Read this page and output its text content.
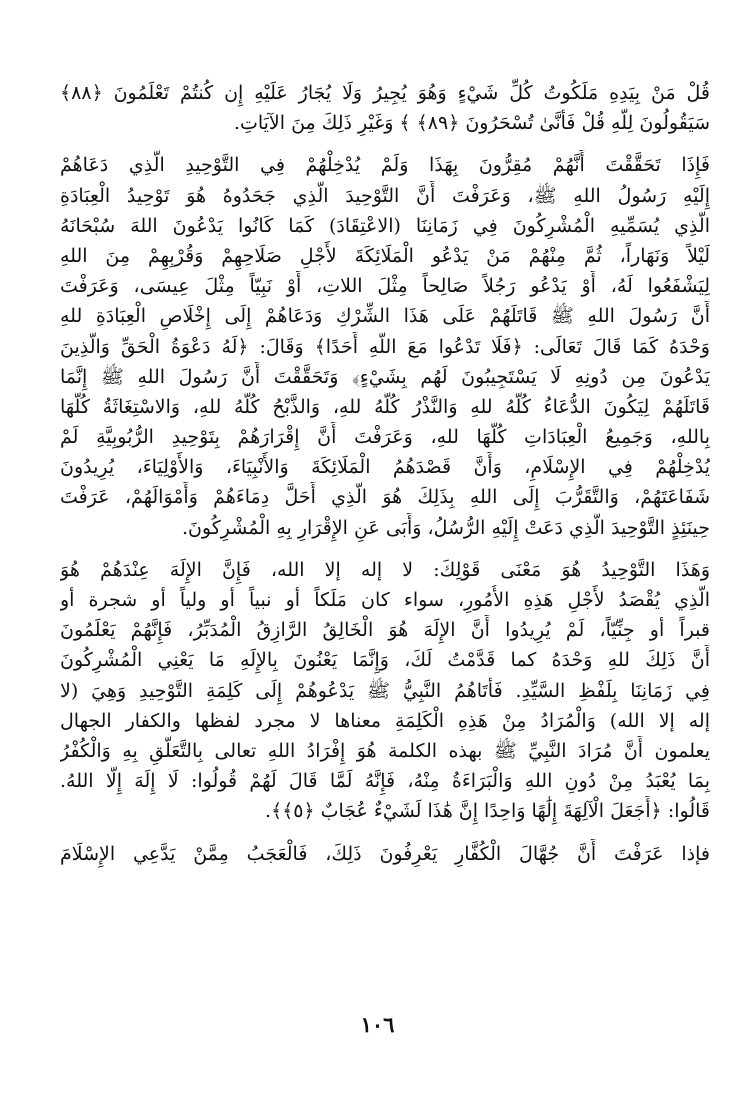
قُلْ مَنْ بِيَدِهِ مَلَكُوتُ كُلِّ شَيْءٍ وَهُوَ يُجِيرُ وَلَا يُجَارُ عَلَيْهِ إِن كُنتُمْ تَعْلَمُونَ ﴿٨٨﴾
سَيَقُولُونَ لِلَّهِ قُلْ فَأَنَّىٰ تُسْحَرُونَ ﴿٨٩﴾ ﴾ وَغَيْرِ ذَلِكَ مِنَ الآيَاتِ.
فَإِذَا تَحَقَّقْتَ أَنَّهُمْ مُقِرُّونَ بِهَذَا وَلَمْ يُدْخِلْهُمْ فِي التَّوْحِيدِ الَّذِي دَعَاهُمْ
إِلَيْهِ رَسُولُ اللهِ ﷺ، وَعَرَفْتَ أَنَّ التَّوْحِيدَ الَّذِي جَحَدُوهُ هُوَ تَوْحِيدُ الْعِبَادَةِ
الَّذِي يُسَمِّيهِ الْمُشْرِكُونَ فِي زَمَانِنَا (الاعْتِقَادَ) كَمَا كَانُوا يَدْعُونَ اللهَ سُبْحَانَهُ
لَيْلاً وَنَهَاراً، ثُمَّ مِنْهُمْ مَنْ يَدْعُو الْمَلَائِكَةَ لأَجْلِ صَلَاحِهِمْ وَقُرْبِهِمْ مِنَ اللهِ
لِيَشْفَعُوا لَهُ، أَوْ يَدْعُو رَجُلاً صَالِحاً مِثْلَ اللاتِ، أَوْ نَبِيّاً مِثْلَ عِيسَى، وَعَرَفْتَ
أَنَّ رَسُولَ اللهِ ﷺ قَاتَلَهُمْ عَلَى هَذَا الشِّرْكِ وَدَعَاهُمْ إِلَى إِخْلَاصِ الْعِبَادَةِ للهِ
وَحْدَهُ كَمَا قَالَ تَعَالَى: ﴿فَلَا تَدْعُوا مَعَ اللَّهِ أَحَدًا﴾ وَقَالَ: ﴿لَهُ دَعْوَةُ الْحَقِّ وَالَّذِينَ
يَدْعُونَ مِن دُونِهِ لَا يَسْتَجِيبُونَ لَهُم بِشَيْءٍ﴾ وَتَحَقَّقْتَ أَنَّ رَسُولَ اللهِ ﷺ إِنَّمَا
قَاتَلَهُمْ لِيَكُونَ الدُّعَاءُ كُلُّهُ للهِ وَالنَّذْرُ كُلُّهُ للهِ، وَالذَّبْحُ كُلُّهُ للهِ، وَالاسْتِغَاثَةُ كُلُّهَا
بِاللهِ، وَجَمِيعُ الْعِبَادَاتِ كُلُّهَا للهِ، وَعَرَفْتَ أَنَّ إِقْرَارَهُمْ بِتَوْحِيدِ الرُّبُوبِيَّةِ لَمْ
يُدْخِلْهُمْ فِي الإِسْلَامِ، وَأَنَّ قَصْدَهُمُ الْمَلَائِكَةَ وَالأَنْبِيَاءَ، وَالأَوْلِيَاءَ، يُرِيدُونَ
شَفَاعَتَهُمْ، وَالتَّقَرُّبَ إِلَى اللهِ بِذَلِكَ هُوَ الَّذِي أَحَلَّ دِمَاءَهُمْ وَأَمْوَالَهُمْ، عَرَفْتَ
حِينَئِذٍ التَّوْحِيدَ الَّذِي دَعَتْ إِلَيْهِ الرُّسُلُ، وَأَبَى عَنِ الإِقْرَارِ بِهِ الْمُشْرِكُونَ.
وَهَذَا التَّوْحِيدُ هُوَ مَعْنَى قَوْلِكَ: لا إله إلا الله، فَإِنَّ الإِلَهَ عِنْدَهُمْ هُوَ
الَّذِي يُقْصَدُ لأَجْلِ هَذِهِ الأُمُورِ، سواء كان مَلَكاً أو نبياً أو ولياً أو شجرة أو
قبراً أو جِنِّيّاً، لَمْ يُرِيدُوا أَنَّ الإِلَهَ هُوَ الْخَالِقُ الرَّازِقُ الْمُدَبِّرُ، فَإِنَّهُمْ يَعْلَمُونَ
أَنَّ ذَلِكَ للهِ وَحْدَهُ كما قَدَّمْتُ لَكَ، وَإِنَّمَا يَعْنُونَ بِالإِلَهِ مَا يَعْنِي الْمُشْرِكُونَ
فِي زَمَانِنَا بِلَفْظِ السَّيِّدِ. فَأَتَاهُمُ النَّبِيُّ ﷺ يَدْعُوهُمْ إِلَى كَلِمَةِ التَّوْحِيدِ وَهِيَ (لا
إله إلا الله) وَالْمُرَادُ مِنْ هَذِهِ الْكَلِمَةِ معناها لا مجرد لفظها والكفار الجهال
يعلمون أَنَّ مُرَادَ النَّبِيِّ ﷺ بهذه الكلمة هُوَ إِفْرَادُ اللهِ تعالى بِالتَّعَلُّقِ بِهِ وَالْكُفْرُ
بِمَا يُعْبَدُ مِنْ دُونِ اللهِ وَالْبَرَاءَةُ مِنْهُ، فَإِنَّهُ لَمَّا قَالَ لَهُمْ قُولُوا: لَا إِلَهَ إِلَّا اللهُ.
قَالُوا: ﴿أَجَعَلَ الْآلِهَةَ إِلَٰهًا وَاحِدًا إِنَّ هَٰذَا لَشَيْءٌ عُجَابٌ ﴿٥﴾﴾.
فإذا عَرَفْتَ أَنَّ جُهَّالَ الْكُفَّارِ يَعْرِفُونَ ذَلِكَ، فَالْعَجَبُ مِمَّنْ يَدَّعِي الإِسْلَامَ
١٠٦
